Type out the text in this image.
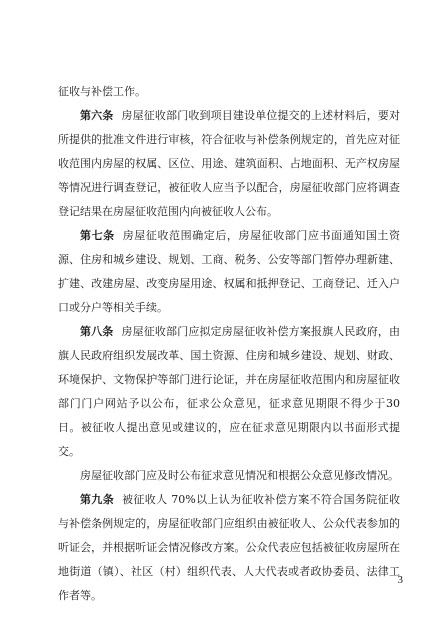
征收与补偿工作。

第六条 房屋征收部门收到项目建设单位提交的上述材料后，要对所提供的批准文件进行审核，符合征收与补偿条例规定的，首先应对征收范围内房屋的权属、区位、用途、建筑面积、占地面积、无产权房屋等情况进行调查登记，被征收人应当予以配合，房屋征收部门应将调查登记结果在房屋征收范围内向被征收人公布。

第七条 房屋征收范围确定后，房屋征收部门应书面通知国土资源、住房和城乡建设、规划、工商、税务、公安等部门暂停办理新建、扩建、改建房屋、改变房屋用途、权属和抵押登记、工商登记、迁入户口或分户等相关手续。

第八条 房屋征收部门应拟定房屋征收补偿方案报旗人民政府，由旗人民政府组织发展改革、国土资源、住房和城乡建设、规划、财政、环境保护、文物保护等部门进行论证，并在房屋征收范围内和房屋征收部门门户网站予以公布，征求公众意见，征求意见期限不得少于30日。被征收人提出意见或建议的，应在征求意见期限内以书面形式提交。

房屋征收部门应及时公布征求意见情况和根据公众意见修改情况。

第九条 被征收人 70%以上认为征收补偿方案不符合国务院征收与补偿条例规定的，房屋征收部门应组织由被征收人、公众代表参加的听证会，并根据听证会情况修改方案。公众代表应包括被征收房屋所在地街道（镇）、社区（村）组织代表、人大代表或者政协委员、法律工作者等。

3
